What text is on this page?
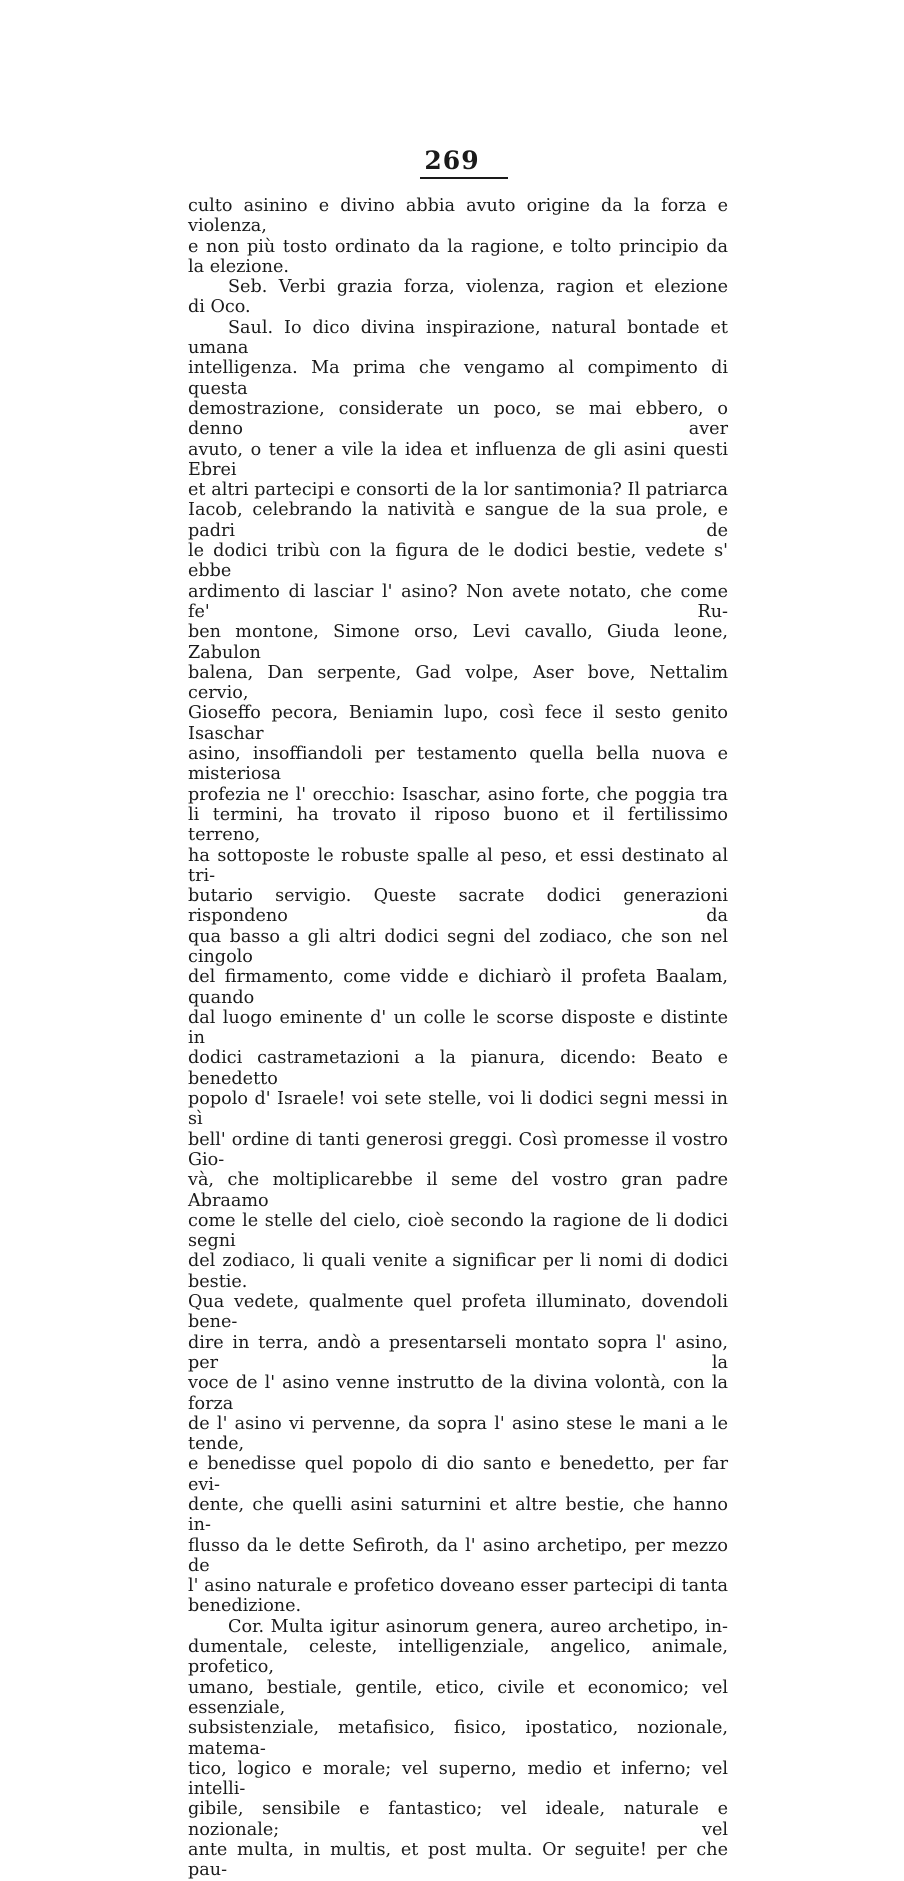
269
culto asinino e divino abbia avuto origine da la forza e violenza,
e non più tosto ordinato da la ragione, e tolto principio da
la elezione.
Seb. Verbi grazia forza, violenza, ragion et elezione
di Oco.
Saul. Io dico divina inspirazione, natural bontade et umana
intelligenza. Ma prima che vengamo al compimento di questa
demostrazione, considerate un poco, se mai ebbero, o denno aver
avuto, o tener a vile la idea et influenza de gli asini questi Ebrei
et altri partecipi e consorti de la lor santimonia? Il patriarca
Iacob, celebrando la natività e sangue de la sua prole, e padri de
le dodici tribù con la figura de le dodici bestie, vedete s' ebbe
ardimento di lasciar l' asino? Non avete notato, che come fe' Ru-
ben montone, Simone orso, Levi cavallo, Giuda leone, Zabulon
balena, Dan serpente, Gad volpe, Aser bove, Nettalim cervio,
Gioseffo pecora, Beniamin lupo, così fece il sesto genito Isaschar
asino, insoffiandoli per testamento quella bella nuova e misteriosa
profezia ne l' orecchio: Isaschar, asino forte, che poggia tra
li termini, ha trovato il riposo buono et il fertilissimo terreno,
ha sottoposte le robuste spalle al peso, et essi destinato al tri-
butario servigio. Queste sacrate dodici generazioni rispondeno da
qua basso a gli altri dodici segni del zodiaco, che son nel cingolo
del firmamento, come vidde e dichiarò il profeta Baalam, quando
dal luogo eminente d' un colle le scorse disposte e distinte in
dodici castrametazioni a la pianura, dicendo: Beato e benedetto
popolo d' Israele! voi sete stelle, voi li dodici segni messi in sì
bell' ordine di tanti generosi greggi. Così promesse il vostro Gio-
và, che moltiplicarebbe il seme del vostro gran padre Abraamo
come le stelle del cielo, cioè secondo la ragione de li dodici segni
del zodiaco, li quali venite a significar per li nomi di dodici bestie.
Qua vedete, qualmente quel profeta illuminato, dovendoli bene-
dire in terra, andò a presentarseli montato sopra l' asino, per la
voce de l' asino venne instrutto de la divina volontà, con la forza
de l' asino vi pervenne, da sopra l' asino stese le mani a le tende,
e benedisse quel popolo di dio santo e benedetto, per far evi-
dente, che quelli asini saturnini et altre bestie, che hanno in-
flusso da le dette Sefiroth, da l' asino archetipo, per mezzo de
l' asino naturale e profetico doveano esser partecipi di tanta
benedizione.
Cor. Multa igitur asinorum genera, aureo archetipo, in-
dumentale, celeste, intelligenziale, angelico, animale, profetico,
umano, bestiale, gentile, etico, civile et economico; vel essenziale,
subsistenziale, metafisico, fisico, ipostatico, nozionale, matema-
tico, logico e morale; vel superno, medio et inferno; vel intelli-
gibile, sensibile e fantastico; vel ideale, naturale e nozionale; vel
ante multa, in multis, et post multa. Or seguite! per che pau-
